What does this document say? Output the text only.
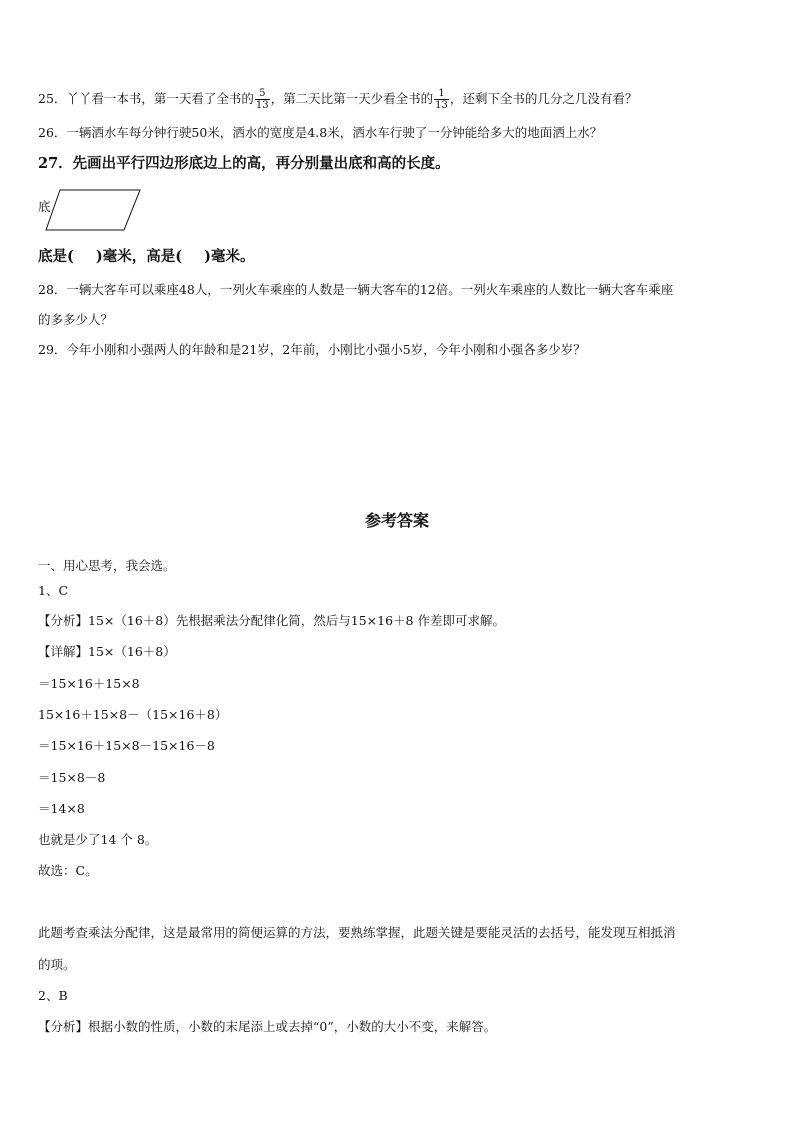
25．丫丫看一本书，第一天看了全书的 $\frac{5}{13}$ ，第二天比第一天少看全书的 $\frac{1}{13}$ ，还剩下全书的几分之几没有看？
26．一辆洒水车每分钟行驶50米，洒水的宽度是4.8米，洒水车行驶了一分钟能给多大的地面洒上水？
27．先画出平行四边形底边上的高，再分别量出底和高的长度。
底
底是( )毫米，高是( )毫米。
28．一辆大客车可以乘座48人，一列火车乘座的人数是一辆大客车的12倍。一列火车乘座的人数比一辆大客车乘座
的多多少人？
29．今年小刚和小强两人的年龄和是21岁，2年前，小刚比小强小5岁，今年小刚和小强各多少岁？
参考答案
一、用心思考，我会选。
1、C
【分析】15×（16＋8）先根据乘法分配律化简，然后与15×16＋8 作差即可求解。
【详解】15×（16＋8）
＝15×16＋15×8
15×16＋15×8－（15×16＋8）
＝15×16＋15×8－15×16－8
＝15×8－8
＝14×8
也就是少了14 个 8。
故选：C。
此题考查乘法分配律，这是最常用的简便运算的方法，要熟练掌握，此题关键是要能灵活的去括号，能发现互相抵消
的项。
2、B
【分析】根据小数的性质，小数的末尾添上或去掉“0”，小数的大小不变，来解答。
